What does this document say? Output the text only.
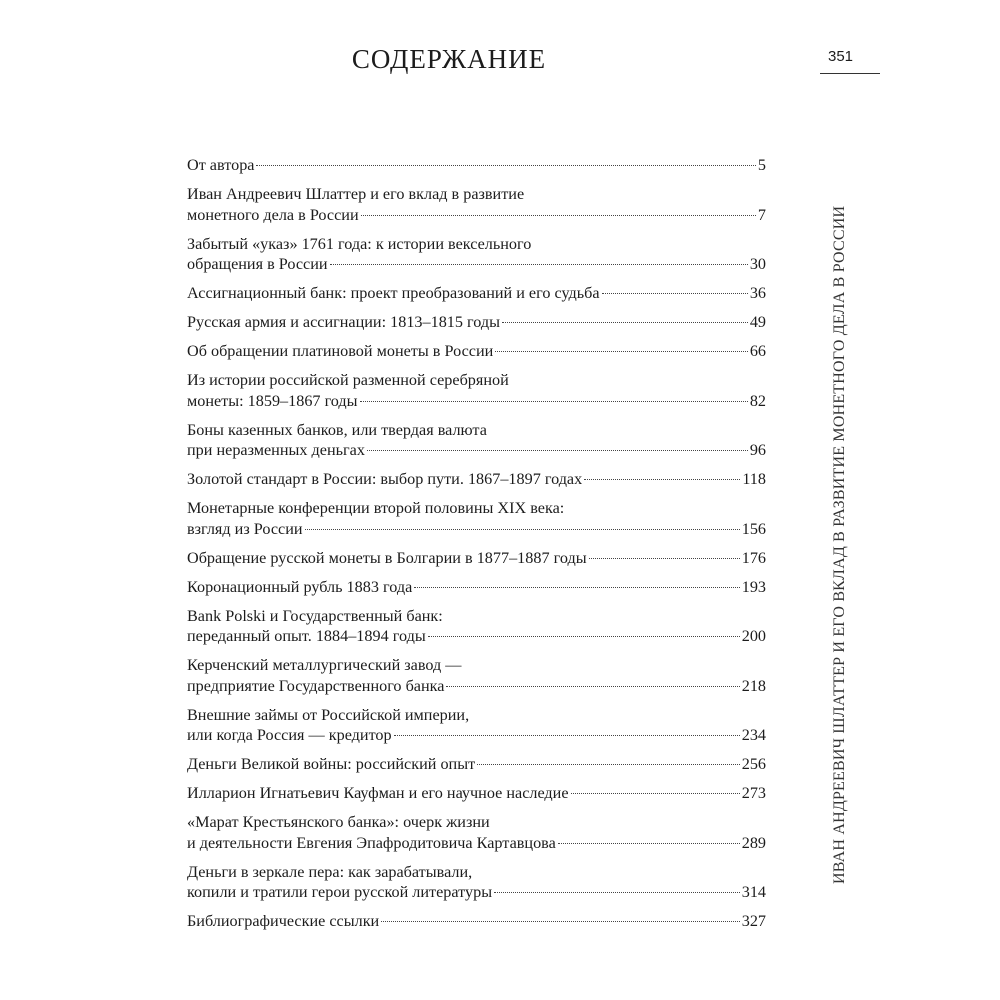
СОДЕРЖАНИЕ	351
ИВАН АНДРЕЕВИЧ ШЛАТТЕР И ЕГО ВКЛАД В РАЗВИТИЕ МОНЕТНОГО ДЕЛА В РОССИИ
От автора	5
Иван Андреевич Шлаттер и его вклад в развитие
монетного дела в России	7
Забытый «указ» 1761 года: к истории вексельного
обращения в России	30
Ассигнационный банк: проект преобразований и его судьба	36
Русская армия и ассигнации: 1813–1815 годы	49
Об обращении платиновой монеты в России	66
Из истории российской разменной серебряной
монеты: 1859–1867 годы	82
Боны казенных банков, или твердая валюта
при неразменных деньгах	96
Золотой стандарт в России: выбор пути. 1867–1897 годах	118
Монетарные конференции второй половины XIX века:
взгляд из России	156
Обращение русской монеты в Болгарии в 1877–1887 годы	176
Коронационный рубль 1883 года	193
Bank Polski и Государственный банк:
переданный опыт. 1884–1894 годы	200
Керченский металлургический завод —
предприятие Государственного банка	218
Внешние займы от Российской империи,
или когда Россия — кредитор	234
Деньги Великой войны: российский опыт	256
Илларион Игнатьевич Кауфман и его научное наследие	273
«Марат Крестьянского банка»: очерк жизни
и деятельности Евгения Эпафродитовича Картавцова	289
Деньги в зеркале пера: как зарабатывали,
копили и тратили герои русской литературы	314
Библиографические ссылки	327
